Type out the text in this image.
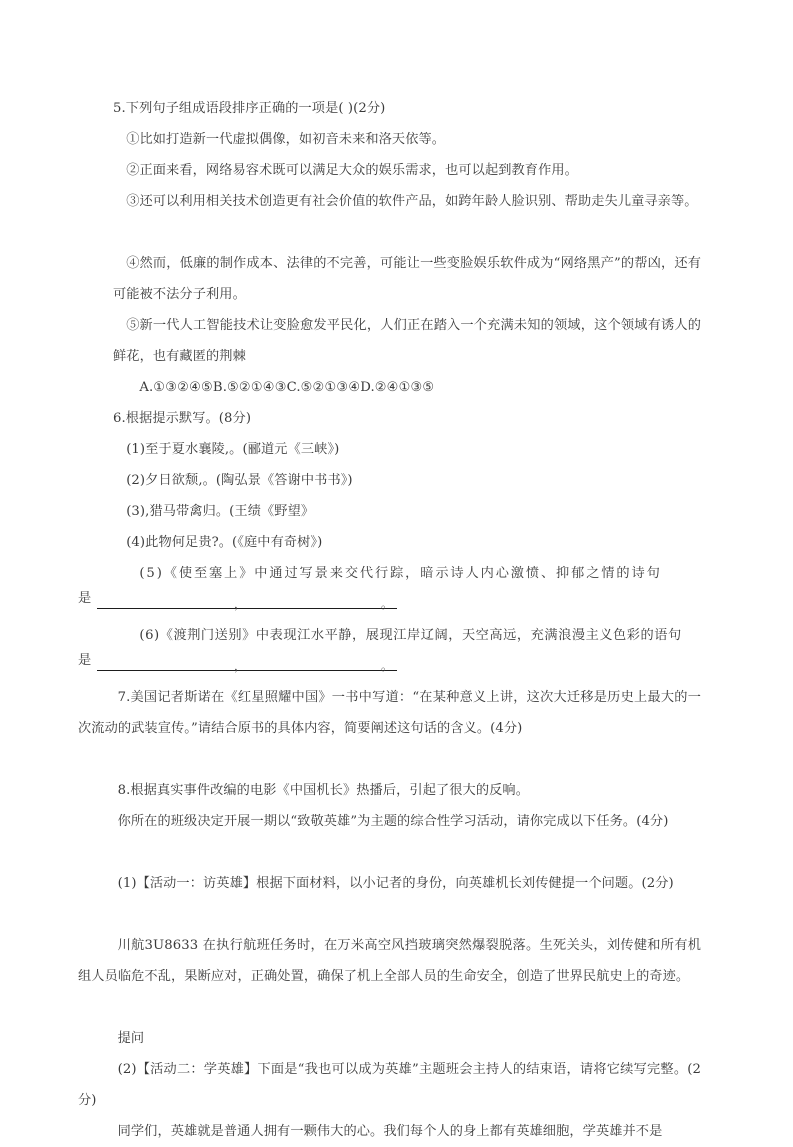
5.下列句子组成语段排序正确的一项是( )(2分)
①比如打造新一代虚拟偶像，如初音未来和洛天依等。
②正面来看，网络易容术既可以满足大众的娱乐需求，也可以起到教育作用。
③还可以利用相关技术创造更有社会价值的软件产品，如跨年龄人脸识别、帮助走失儿童寻亲等。
④然而，低廉的制作成本、法律的不完善，可能让一些变脸娱乐软件成为“网络黑产”的帮凶，还有可能被不法分子利用。
⑤新一代人工智能技术让变脸愈发平民化，人们正在踏入一个充满未知的领域，这个领域有诱人的鲜花，也有藏匿的荆棘
A.①③②④⑤B.⑤②①④③C.⑤②①③④D.②④①③⑤
6.根据提示默写。(8分)
(1)至于夏水襄陵,。(郦道元《三峡》)
(2)夕日欲颓,。(陶弘景《答谢中书书》)
(3),猎马带禽归。(王绩《野望》
(4)此物何足贵?。(《庭中有奇树》)
(5)《使至塞上》中通过写景来交代行踪，暗示诗人内心激愤、抑郁之情的诗句
是	，	。
(6)《渡荆门送别》中表现江水平静，展现江岸辽阔，天空高远，充满浪漫主义色彩的语句
是	，	。
7.美国记者斯诺在《红星照耀中国》一书中写道：“在某种意义上讲，这次大迁移是历史上最大的一次流动的武装宣传。”请结合原书的具体内容，简要阐述这句话的含义。(4分)
8.根据真实事件改编的电影《中国机长》热播后，引起了很大的反响。
你所在的班级决定开展一期以“致敬英雄”为主题的综合性学习活动，请你完成以下任务。(4分)
(1)【活动一：访英雄】根据下面材料，以小记者的身份，向英雄机长刘传健提一个问题。(2分)
川航3U8633 在执行航班任务时，在万米高空风挡玻璃突然爆裂脱落。生死关头，刘传健和所有机组人员临危不乱，果断应对，正确处置，确保了机上全部人员的生命安全，创造了世界民航史上的奇迹。
提问
(2)【活动二：学英雄】下面是“我也可以成为英雄”主题班会主持人的结束语，请将它续写完整。(2分)
同学们，英雄就是普通人拥有一颗伟大的心。我们每个人的身上都有英雄细胞，学英雄并不是
